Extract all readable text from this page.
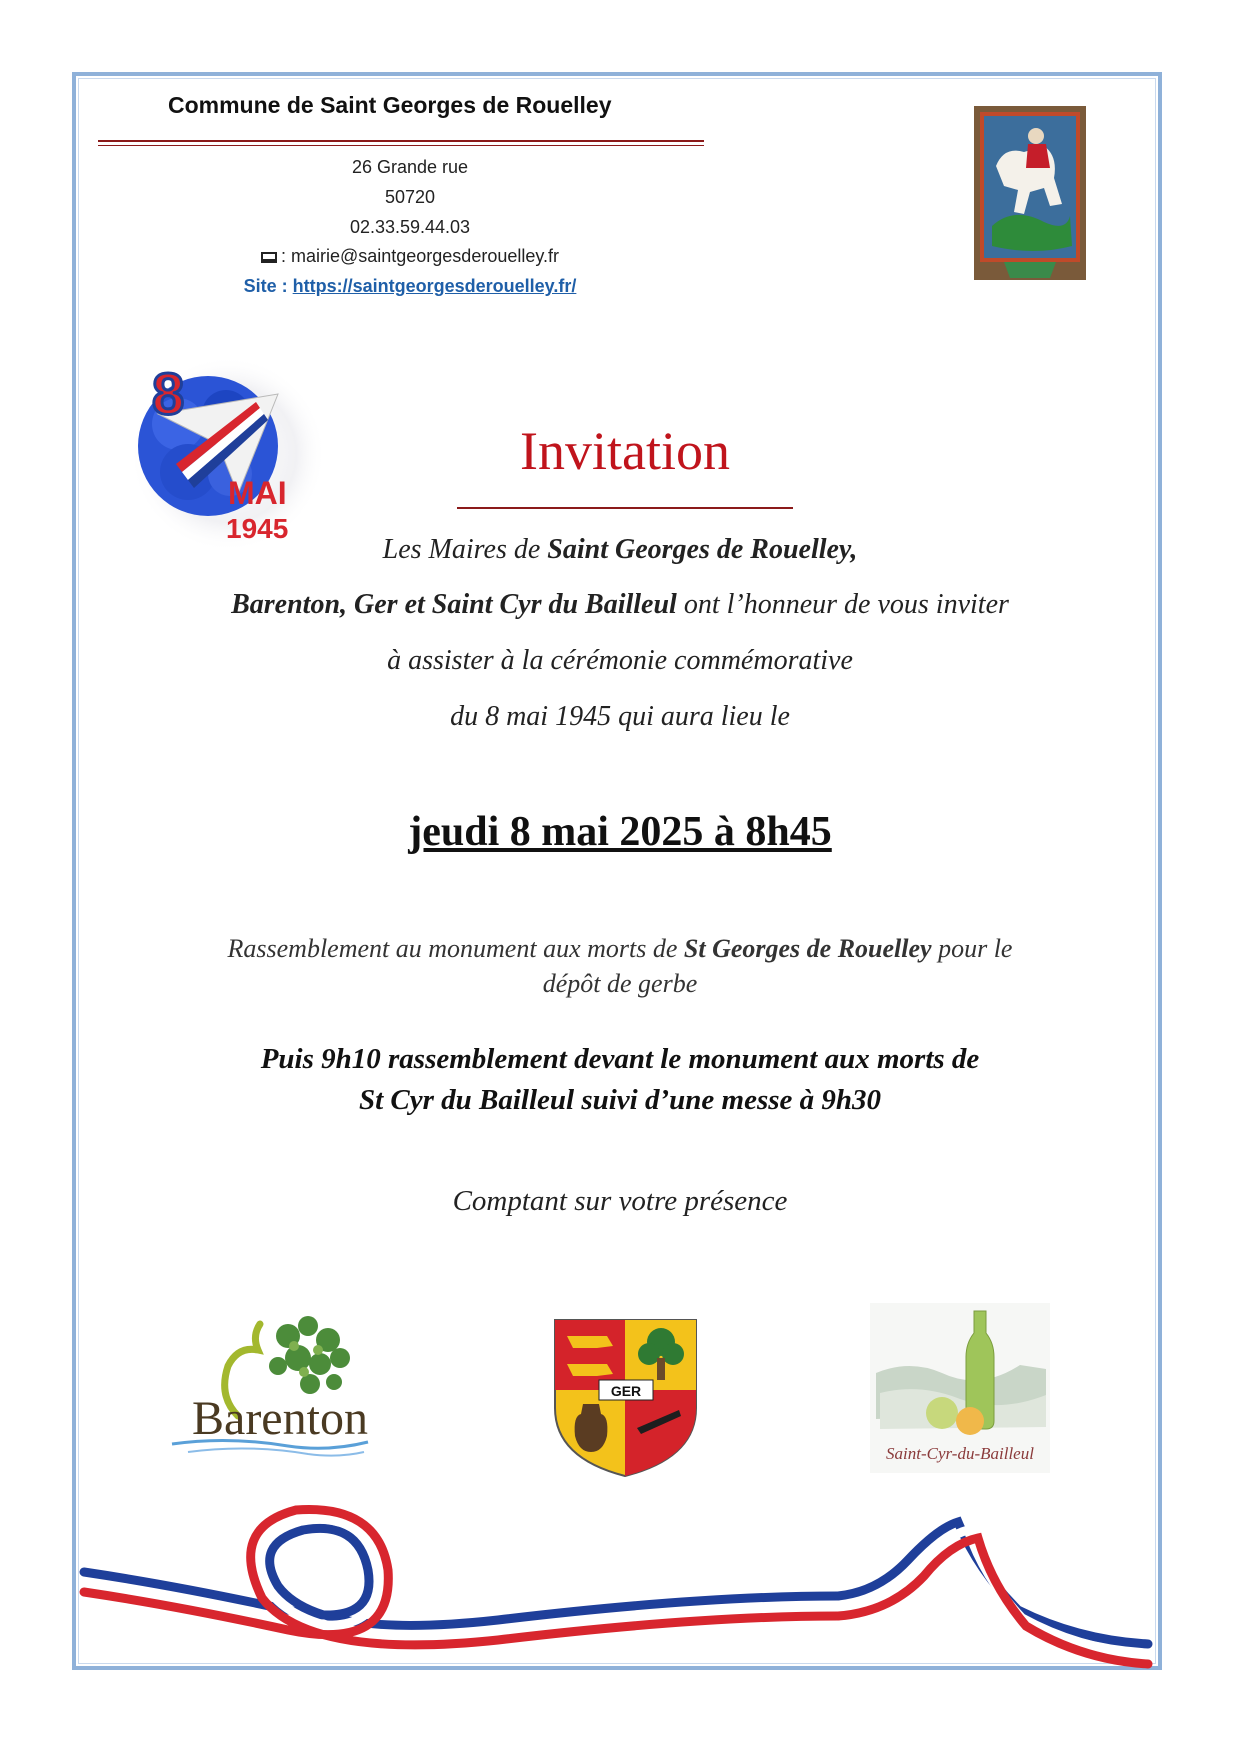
Commune de Saint Georges de Rouelley
26 Grande rue
50720
02.33.59.44.03
: mairie@saintgeorgesderouelley.fr
Site : https://saintgeorgesderouelley.fr/
8
MAI
1945
Invitation
Les Maires de Saint Georges de Rouelley,
Barenton, Ger et Saint Cyr du Bailleul ont l’honneur de vous inviter
à assister à la cérémonie commémorative
du 8 mai 1945 qui aura lieu le
jeudi 8 mai 2025 à 8h45
Rassemblement au monument aux morts de St Georges de Rouelley pour le
dépôt de gerbe
Puis 9h10 rassemblement devant le monument aux morts de
St Cyr du Bailleul suivi d’une messe à 9h30
Comptant sur votre présence
Barenton
GER
Saint-Cyr-du-Bailleul
